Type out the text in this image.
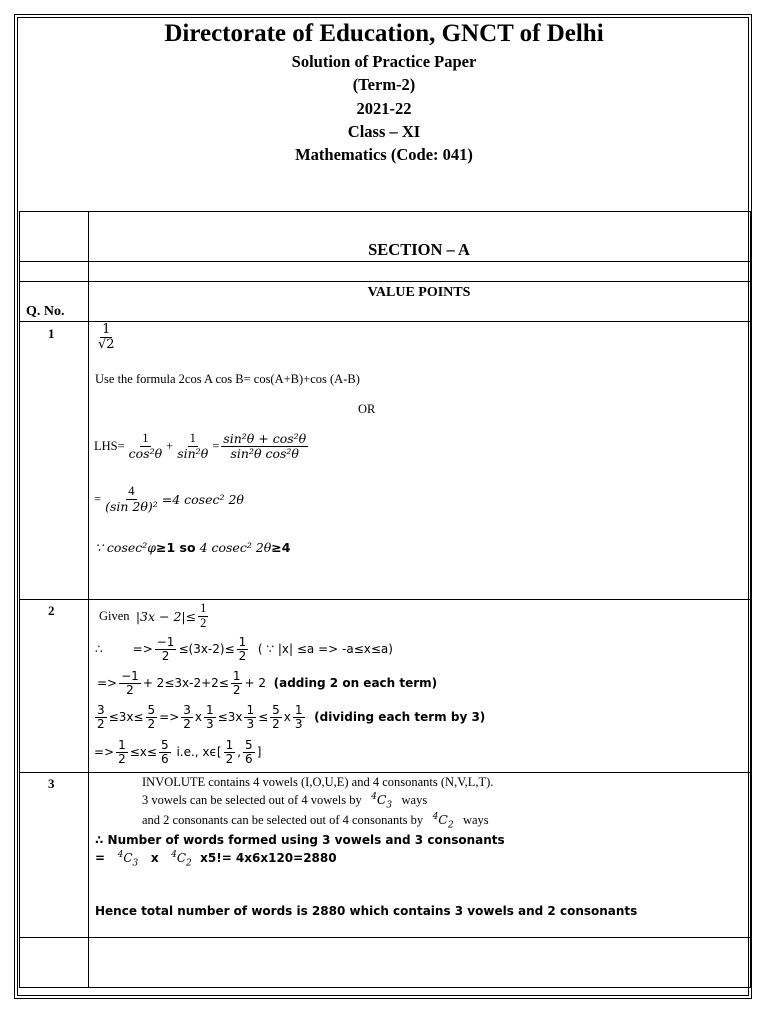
Directorate of Education, GNCT of Delhi
Solution of Practice Paper
(Term-2)
2021-22
Class – XI
Mathematics (Code: 041)
SECTION – A
VALUE POINTS
Q. No.
1	$\frac{1}{√2}$
Use the formula 2cos A cos B= cos(A+B)+cos (A-B)
OR
$LHS= \frac{1}{\text{cos²θ}} + \frac{1}{\text{sin²θ}} = \frac{\text{sin²θ + cos²θ}}{\text{sin²θ cos²θ}}$
= $\frac{4}{\text{(sin 2θ)²}} =4$ cosec² 2θ
∵ cosec²φ≥1 so 4 cosec² 2θ≥4
2	Given
$|3x - 2|\le \frac{1}{2}$
∴	=> $\frac{-1}{2} \le(3x-2)\le \frac{1}{2}$
( ∵ |x| ≤a => -a≤x≤a)
=> $\frac{-1}{2} + 2\le 3x-2+2\le \frac{1}{2} + 2$
(adding 2 on each term)
$\frac{3}{2} \le 3x\le \frac{5}{2} => \frac{3}{2}$ x $\frac{1}{3} \le 3x \frac{1}{3} \le \frac{5}{2}$ x $\frac{1}{3}$
(dividing each term by 3)
=> $\frac{1}{2} \le x\le \frac{5}{6}$
i.e., $x\epsilon[ \frac{1}{2}$ , $\frac{5}{6}$ ]
3	INVOLUTE contains 4 vowels (I,O,U,E) and 4 consonants (N,V,L,T).
3 vowels can be selected out of 4 vowels by $^4C_3$ ways
and 2 consonants can be selected out of 4 consonants by $^4C_2$ ways
∴ Number of words formed using 3 vowels and 3 consonants
= $^4C_3$ x $^4C_2$ x5!= 4x6x120=2880
Hence total number of words is 2880 which contains 3 vowels and 2 consonants
